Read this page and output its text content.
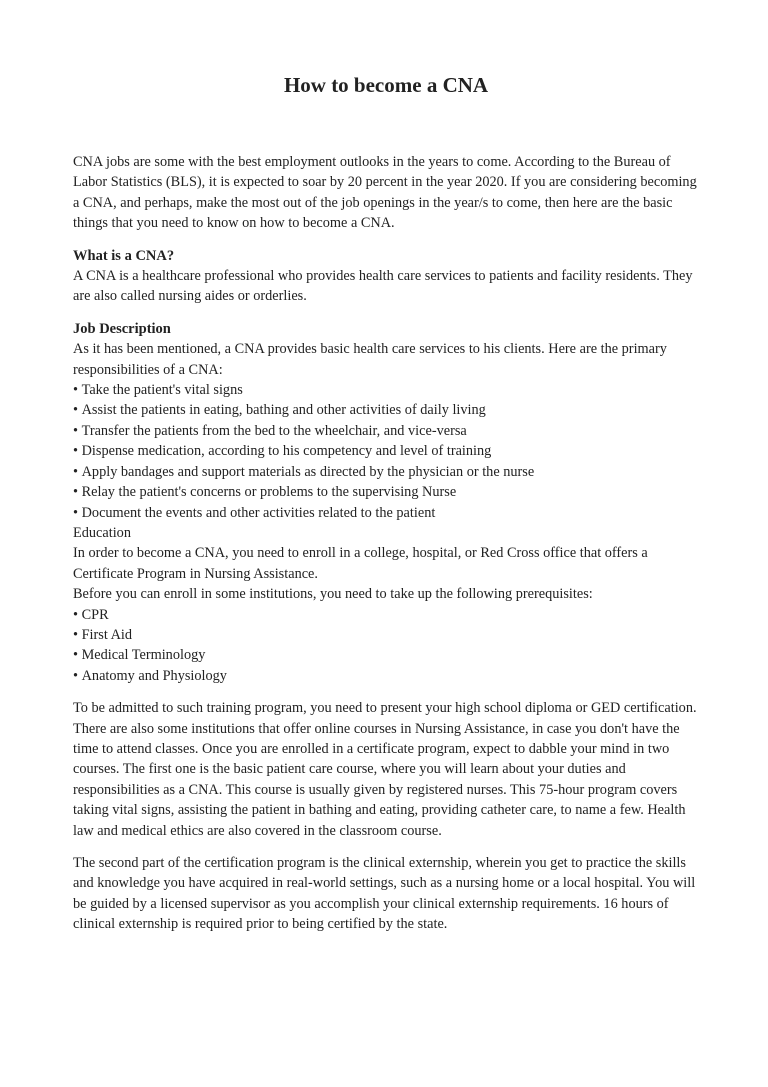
How to become a CNA

CNA jobs are some with the best employment outlooks in the years to come. According to the Bureau of Labor Statistics (BLS), it is expected to soar by 20 percent in the year 2020. If you are considering becoming a CNA, and perhaps, make the most out of the job openings in the year/s to come, then here are the basic things that you need to know on how to become a CNA.

What is a CNA?

A CNA is a healthcare professional who provides health care services to patients and facility residents. They are also called nursing aides or orderlies.

Job Description

As it has been mentioned, a CNA provides basic health care services to his clients. Here are the primary responsibilities of a CNA:

• Take the patient's vital signs
• Assist the patients in eating, bathing and other activities of daily living
• Transfer the patients from the bed to the wheelchair, and vice-versa
• Dispense medication, according to his competency and level of training
• Apply bandages and support materials as directed by the physician or the nurse
• Relay the patient's concerns or problems to the supervising Nurse
• Document the events and other activities related to the patient

Education

In order to become a CNA, you need to enroll in a college, hospital, or Red Cross office that offers a Certificate Program in Nursing Assistance.

Before you can enroll in some institutions, you need to take up the following prerequisites:

• CPR
• First Aid
• Medical Terminology
• Anatomy and Physiology

To be admitted to such training program, you need to present your high school diploma or GED certification. There are also some institutions that offer online courses in Nursing Assistance, in case you don't have the time to attend classes. Once you are enrolled in a certificate program, expect to dabble your mind in two courses. The first one is the basic patient care course, where you will learn about your duties and responsibilities as a CNA. This course is usually given by registered nurses. This 75-hour program covers taking vital signs, assisting the patient in bathing and eating, providing catheter care, to name a few. Health law and medical ethics are also covered in the classroom course.

The second part of the certification program is the clinical externship, wherein you get to practice the skills and knowledge you have acquired in real-world settings, such as a nursing home or a local hospital. You will be guided by a licensed supervisor as you accomplish your clinical externship requirements. 16 hours of clinical externship is required prior to being certified by the state.
